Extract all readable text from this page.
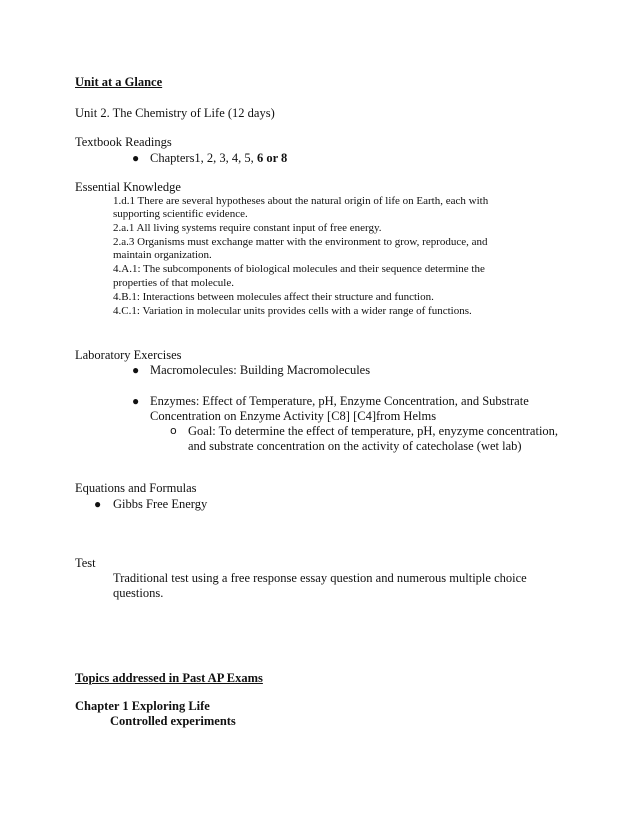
Unit at a Glance
Unit 2. The Chemistry of Life (12 days)
Textbook Readings
● Chapters1, 2, 3, 4, 5, 6 or 8
Essential Knowledge
1.d.1 There are several hypotheses about the natural origin of life on Earth, each with
supporting scientific evidence.
2.a.1 All living systems require constant input of free energy.
2.a.3 Organisms must exchange matter with the environment to grow, reproduce, and
maintain organization.
4.A.1: The subcomponents of biological molecules and their sequence determine the
properties of that molecule.
4.B.1: Interactions between molecules affect their structure and function.
4.C.1: Variation in molecular units provides cells with a wider range of functions.
Laboratory Exercises
● Macromolecules: Building Macromolecules
● Enzymes: Effect of Temperature, pH, Enzyme Concentration, and Substrate
Concentration on Enzyme Activity [C8] [C4]from Helms
o Goal: To determine the effect of temperature, pH, enyzyme concentration,
and substrate concentration on the activity of catecholase (wet lab)
Equations and Formulas
● Gibbs Free Energy
Test
Traditional test using a free response essay question and numerous multiple choice
questions.
Topics addressed in Past AP Exams
Chapter 1 Exploring Life
Controlled experiments
